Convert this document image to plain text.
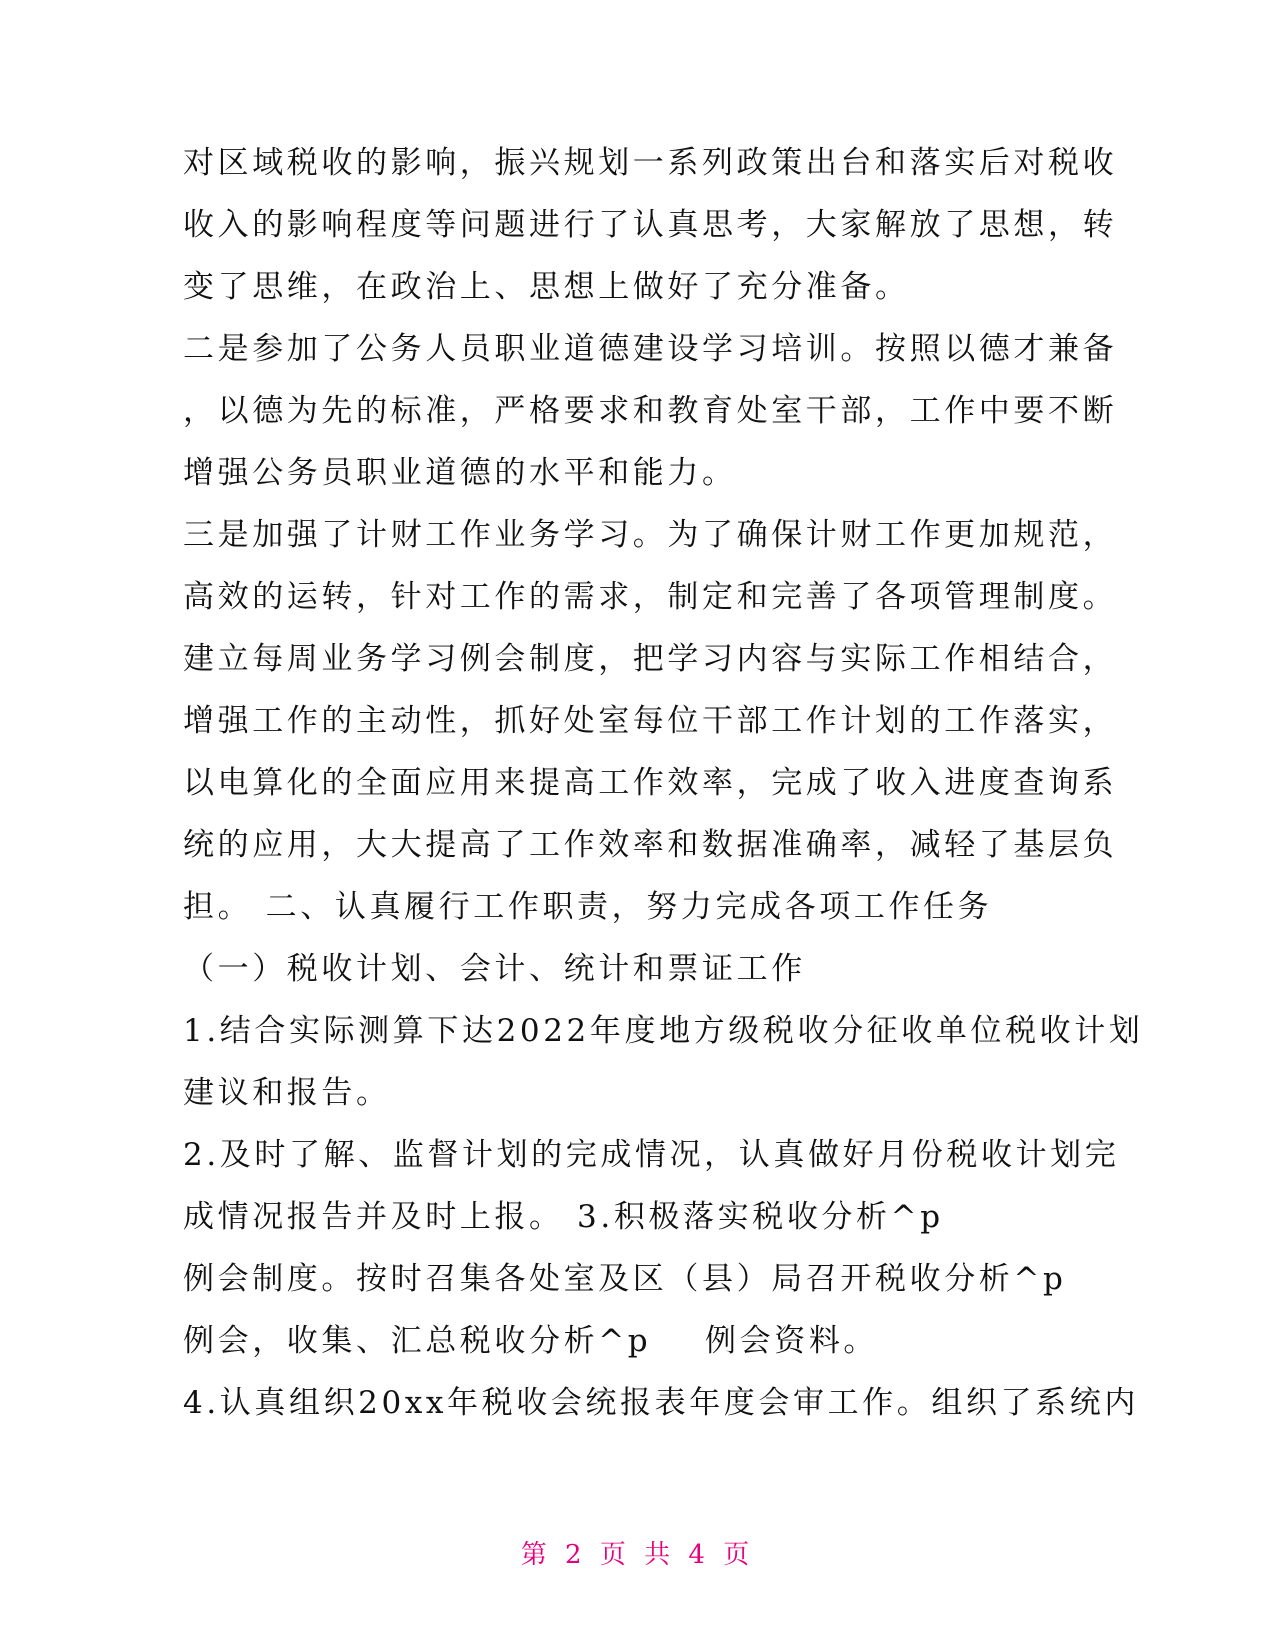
对区域税收的影响，振兴规划一系列政策出台和落实后对税收
收入的影响程度等问题进行了认真思考，大家解放了思想，转
变了思维，在政治上、思想上做好了充分准备。
二是参加了公务人员职业道德建设学习培训。按照以德才兼备
，以德为先的标准，严格要求和教育处室干部，工作中要不断
增强公务员职业道德的水平和能力。
三是加强了计财工作业务学习。为了确保计财工作更加规范，
高效的运转，针对工作的需求，制定和完善了各项管理制度。
建立每周业务学习例会制度，把学习内容与实际工作相结合，
增强工作的主动性，抓好处室每位干部工作计划的工作落实，
以电算化的全面应用来提高工作效率，完成了收入进度查询系
统的应用，大大提高了工作效率和数据准确率，减轻了基层负
担。 二、认真履行工作职责，努力完成各项工作任务
（一）税收计划、会计、统计和票证工作
1.结合实际测算下达2022年度地方级税收分征收单位税收计划
建议和报告。
2.及时了解、监督计划的完成情况，认真做好月份税收计划完
成情况报告并及时上报。 3.积极落实税收分析^p
例会制度。按时召集各处室及区（县）局召开税收分析^p
例会，收集、汇总税收分析^p    例会资料。
4.认真组织20xx年税收会统报表年度会审工作。组织了系统内
第 2 页 共 4 页
